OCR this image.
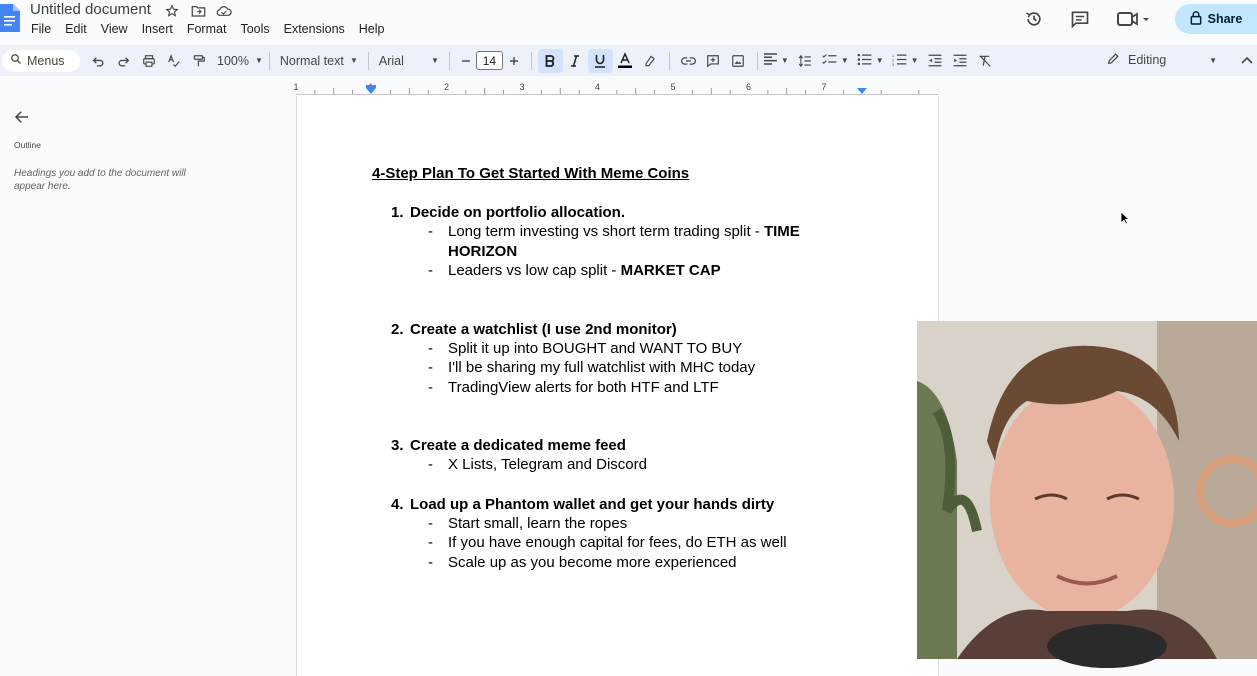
Untitled document
File Edit View Insert Format Tools Extensions Help
Share
Menus	100% ▼ Normal text ▼ Arial	▼	14	▼	▼	▼
1
2
3 ▼	Editing	▼
1	2	3	4	5	6	7
Outline
Headings you add to the document will appear here.
4-Step Plan To Get Started With Meme Coins
1. Decide on portfolio allocation.
- Long term investing vs short term trading split - TIME HORIZON
- Leaders vs low cap split - MARKET CAP
2. Create a watchlist (I use 2nd monitor)
- Split it up into BOUGHT and WANT TO BUY
- I'll be sharing my full watchlist with MHC today
- TradingView alerts for both HTF and LTF
3. Create a dedicated meme feed
- X Lists, Telegram and Discord
4. Load up a Phantom wallet and get your hands dirty
- Start small, learn the ropes
- If you have enough capital for fees, do ETH as well
- Scale up as you become more experienced
